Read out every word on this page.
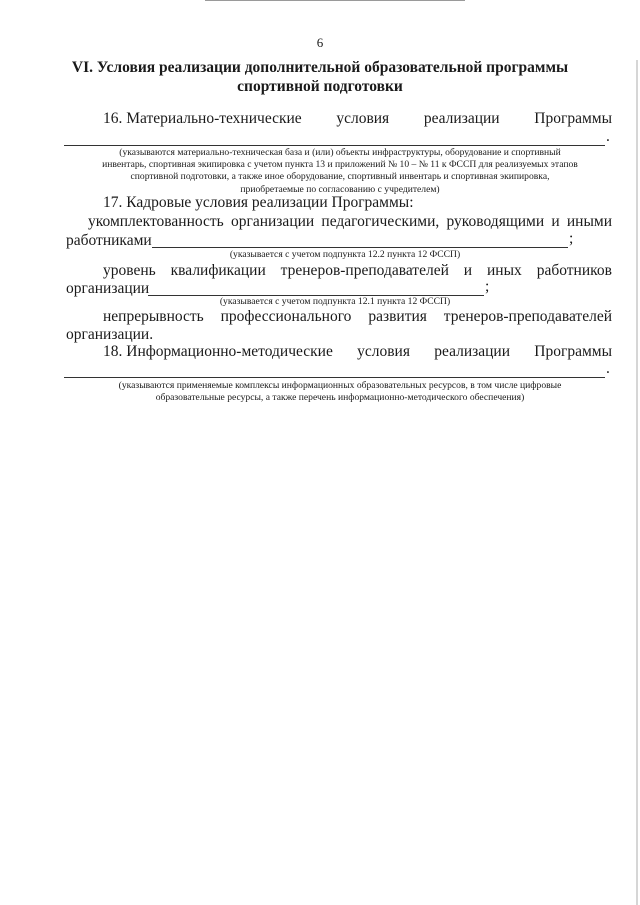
6
VI. Условия реализации дополнительной образовательной программы
спортивной подготовки
16. Материально-технические условия реализации Программы
.
(указываются материально-техническая база и (или) объекты инфраструктуры, оборудование и спортивный
инвентарь, спортивная экипировка с учетом пункта 13 и приложений № 10 – № 11 к ФССП для реализуемых этапов
спортивной подготовки, а также иное оборудование, спортивный инвентарь и спортивная экипировка,
приобретаемые по согласованию с учредителем)
17. Кадровые условия реализации Программы:
укомплектованность организации педагогическими, руководящими и иными
работниками	;
(указывается с учетом подпункта 12.2 пункта 12 ФССП)
уровень квалификации тренеров-преподавателей и иных работников
организации	;
(указывается с учетом подпункта 12.1 пункта 12 ФССП)
непрерывность профессионального развития тренеров-преподавателей
организации.
18. Информационно-методические условия реализации Программы
.
(указываются применяемые комплексы информационных образовательных ресурсов, в том числе цифровые
образовательные ресурсы, а также перечень информационно-методического обеспечения)
